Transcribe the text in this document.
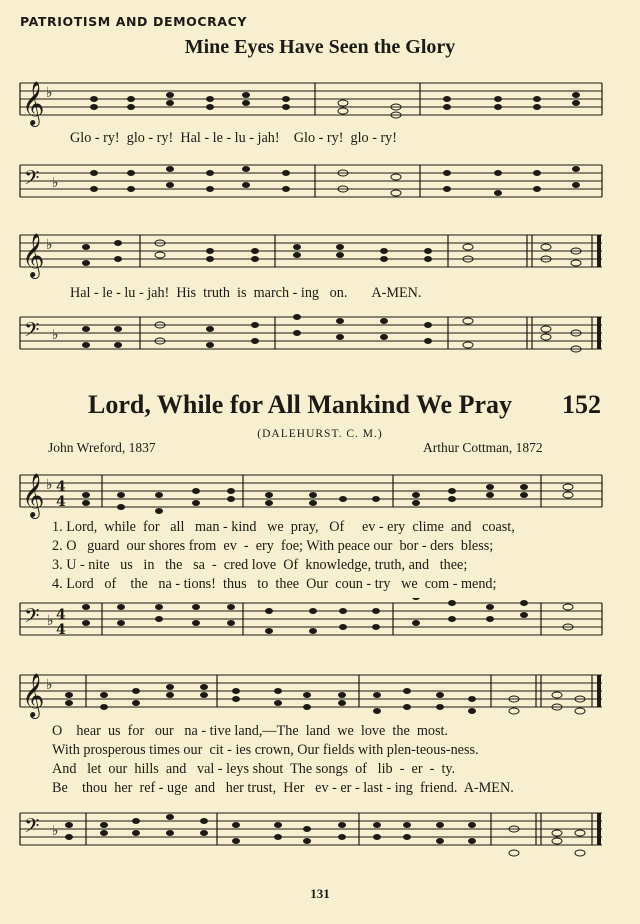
PATRIOTISM AND DEMOCRACY
Mine Eyes Have Seen the Glory
𝄞 ♭
Glo - ry!  glo - ry!  Hal - le - lu - jah!    Glo - ry!  glo - ry!
𝄢 ♭
𝄞 ♭
Hal - le - lu - jah!  His  truth  is  march - ing   on.       A-MEN.
𝄢 ♭
Lord, While for All Mankind We Pray 152
(DALEHURST. C. M.)
John Wreford, 1837	Arthur Cottman, 1872
𝄞 ♭ 4
4
1. Lord,  while  for   all   man - kind   we  pray,   Of     ev - ery  clime  and   coast,
2. O   guard  our shores from  ev  -  ery  foe; With peace our  bor - ders  bless;
3. U - nite   us   in   the   sa  -  cred love  Of  knowledge, truth, and   thee;
4. Lord   of    the   na - tions!  thus   to  thee  Our  coun - try   we  com - mend;
𝄢 ♭ 4
4
𝄞 ♭
O    hear  us  for   our   na - tive land,—The  land  we  love  the  most.
With prosperous times our  cit - ies crown, Our fields with plen-teous-ness.
And   let  our  hills  and   val - leys shout  The songs  of   lib  -  er  -  ty.
Be    thou  her  ref - uge  and   her trust,  Her   ev - er - last - ing  friend.  A-MEN.
𝄢 ♭
131
